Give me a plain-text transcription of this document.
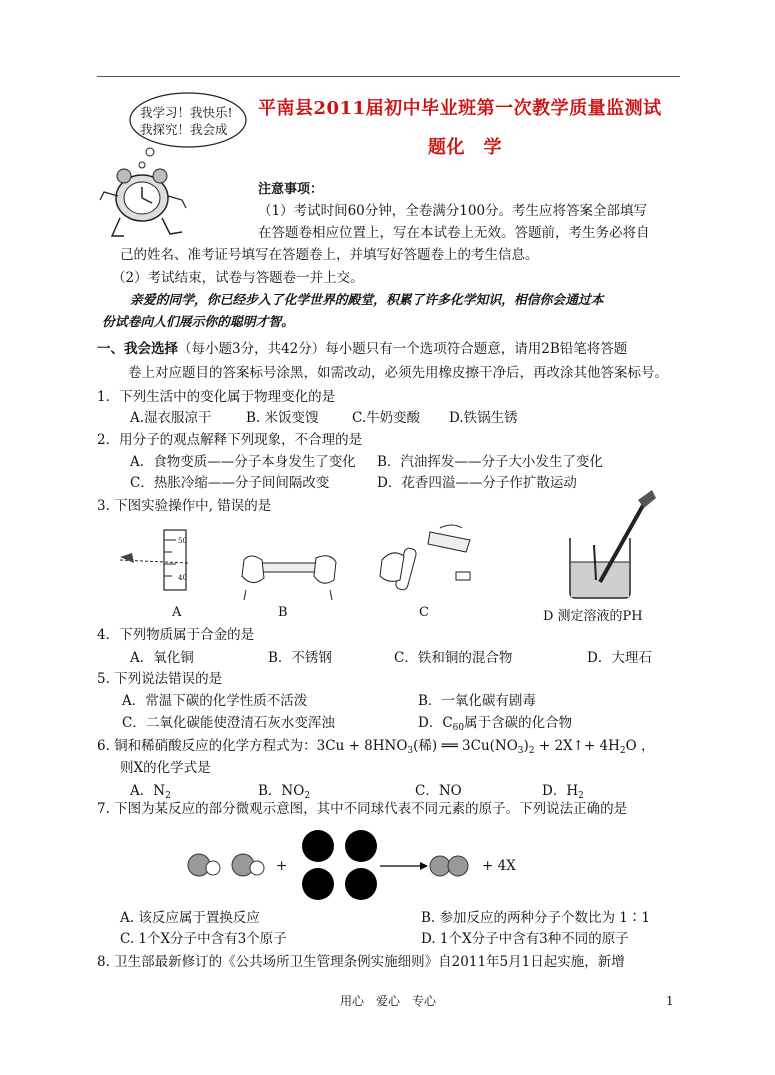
我学习！我快乐!
我探究！我会成
平南县2011届初中毕业班第一次教学质量监测试
题化　学
注意事项：
（1）考试时间60分钟，全卷满分100分。考生应将答案全部填写
在答题卷相应位置上，写在本试卷上无效。答题前，考生务必将自
己的姓名、准考证号填写在答题卷上，并填写好答题卷上的考生信息。
（2）考试结束，试卷与答题卷一并上交。
亲爱的同学，你已经步入了化学世界的殿堂，积累了许多化学知识，相信你会通过本
份试卷向人们展示你的聪明才智。
一、我会选择（每小题3分，共42分）每小题只有一个选项符合题意，请用2B铅笔将答题
卷上对应题目的答案标号涂黑，如需改动，必须先用橡皮擦干净后，再改涂其他答案标号。
1．下列生活中的变化属于物理变化的是
A.湿衣服凉干	B. 米饭变馊 C.牛奶变酸 D.铁锅生锈
2．用分子的观点解释下列现象，不合理的是
A．食物变质——分子本身发生了变化 B．汽油挥发——分子大小发生了变化
C．热胀冷缩——分子间间隔改变	D．花香四溢——分子作扩散运动
3. 下图实验操作中, 错误的是
50
40
A	B	C	D 测定溶液的PH
4．下列物质属于合金的是
A．氧化铜	B．不锈钢	C．铁和铜的混合物	D．大理石
5. 下列说法错误的是
A．常温下碳的化学性质不活泼	B．一氧化碳有剧毒
C．二氧化碳能使澄清石灰水变浑浊	D．$C_{60}$属于含碳的化合物
6. 铜和稀硝酸反应的化学方程式为：$3Cu + 8HNO_3$(稀) ══ $3Cu(NO_3)_2$ + 2X↑+ $4H_2O$ ，
则X的化学式是
A．$N_2$	B．$NO_2$	C．NO	D．$H_2$
7. 下图为某反应的部分微观示意图，其中不同球代表不同元素的原子。下列说法正确的是
+	+ 4X
A. 该反应属于置换反应	B. 参加反应的两种分子个数比为 1∶1
C. 1个X分子中含有3个原子	D. 1个X分子中含有3种不同的原子
8. 卫生部最新修订的《公共场所卫生管理条例实施细则》自2011年5月1日起实施，新增
用心　爱心　专心	1
